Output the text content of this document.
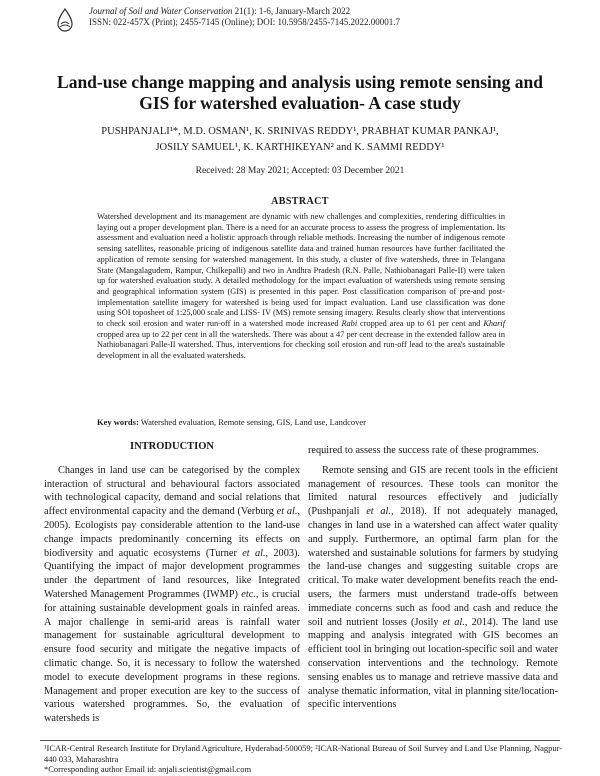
Journal of Soil and Water Conservation 21(1): 1-6, January-March 2022
ISSN: 022-457X (Print); 2455-7145 (Online); DOI: 10.5958/2455-7145.2022.00001.7
Land-use change mapping and analysis using remote sensing and GIS for watershed evaluation- A case study
PUSHPANJALI¹*, M.D. OSMAN¹, K. SRINIVAS REDDY¹, PRABHAT KUMAR PANKAJ¹,
JOSILY SAMUEL¹, K. KARTHIKEYAN² and K. SAMMI REDDY¹
Received: 28 May 2021; Accepted: 03 December 2021
ABSTRACT
Watershed development and its management are dynamic with new challenges and complexities, rendering difficulties in laying out a proper development plan. There is a need for an accurate process to assess the progress of implementation. Its assessment and evaluation need a holistic approach through reliable methods. Increasing the number of indigenous remote sensing satellites, reasonable pricing of indigenous satellite data and trained human resources have further facilitated the application of remote sensing for watershed management. In this study, a cluster of five watersheds, three in Telangana State (Mangalagudem, Rampur, Chilkepalli) and two in Andhra Pradesh (R.N. Palle, Nathiobanagari Palle-II) were taken up for watershed evaluation study. A detailed methodology for the impact evaluation of watersheds using remote sensing and geographical information system (GIS) is presented in this paper. Post classification comparison of pre-and post-implementation satellite imagery for watershed is being used for impact evaluation. Land use classification was done using SOI toposheet of 1:25,000 scale and LISS- IV (MS) remote sensing imagery. Results clearly show that interventions to check soil erosion and water run-off in a watershed mode increased Rabi cropped area up to 61 per cent and Kharif cropped area up to 22 per cent in all the watersheds. There was about a 47 per cent decrease in the extended fallow area in Nathiobanagari Palle-II watershed. Thus, interventions for checking soil erosion and run-off lead to the area's sustainable development in all the evaluated watersheds.
Key words: Watershed evaluation, Remote sensing, GIS, Land use, Landcover
INTRODUCTION

Changes in land use can be categorised by the complex interaction of structural and behavioural factors associated with technological capacity, demand and social relations that affect environmental capacity and the demand (Verburg et al., 2005). Ecologists pay considerable attention to the land-use change impacts predominantly concerning its effects on biodiversity and aquatic ecosystems (Turner et al., 2003). Quantifying the impact of major development programmes under the department of land resources, like Integrated Watershed Management Programmes (IWMP) etc., is crucial for attaining sustainable development goals in rainfed areas. A major challenge in semi-arid areas is rainfall water management for sustainable agricultural development to ensure food security and mitigate the negative impacts of climatic change. So, it is necessary to follow the watershed model to execute development programs in these regions. Management and proper execution are key to the success of various watershed programmes. So, the evaluation of watersheds is

required to assess the success rate of these programmes.

Remote sensing and GIS are recent tools in the efficient management of resources. These tools can monitor the limited natural resources effectively and judicially (Pushpanjali et al., 2018). If not adequately managed, changes in land use in a watershed can affect water quality and supply. Furthermore, an optimal farm plan for the watershed and sustainable solutions for farmers by studying the land-use changes and suggesting suitable crops are critical. To make water development benefits reach the end-users, the farmers must understand trade-offs between immediate concerns such as food and cash and reduce the soil and nutrient losses (Josily et al., 2014). The land use mapping and analysis integrated with GIS becomes an efficient tool in bringing out location-specific soil and water conservation interventions and the technology. Remote sensing enables us to manage and retrieve massive data and analyse thematic information, vital in planning site/location-specific interventions

¹ICAR-Central Research Institute for Dryland Agriculture, Hyderabad-500059; ²ICAR-National Bureau of Soil Survey and Land Use Planning, Nagpur-440 033, Maharashtra
*Corresponding author Email id: anjali.scientist@gmail.com
